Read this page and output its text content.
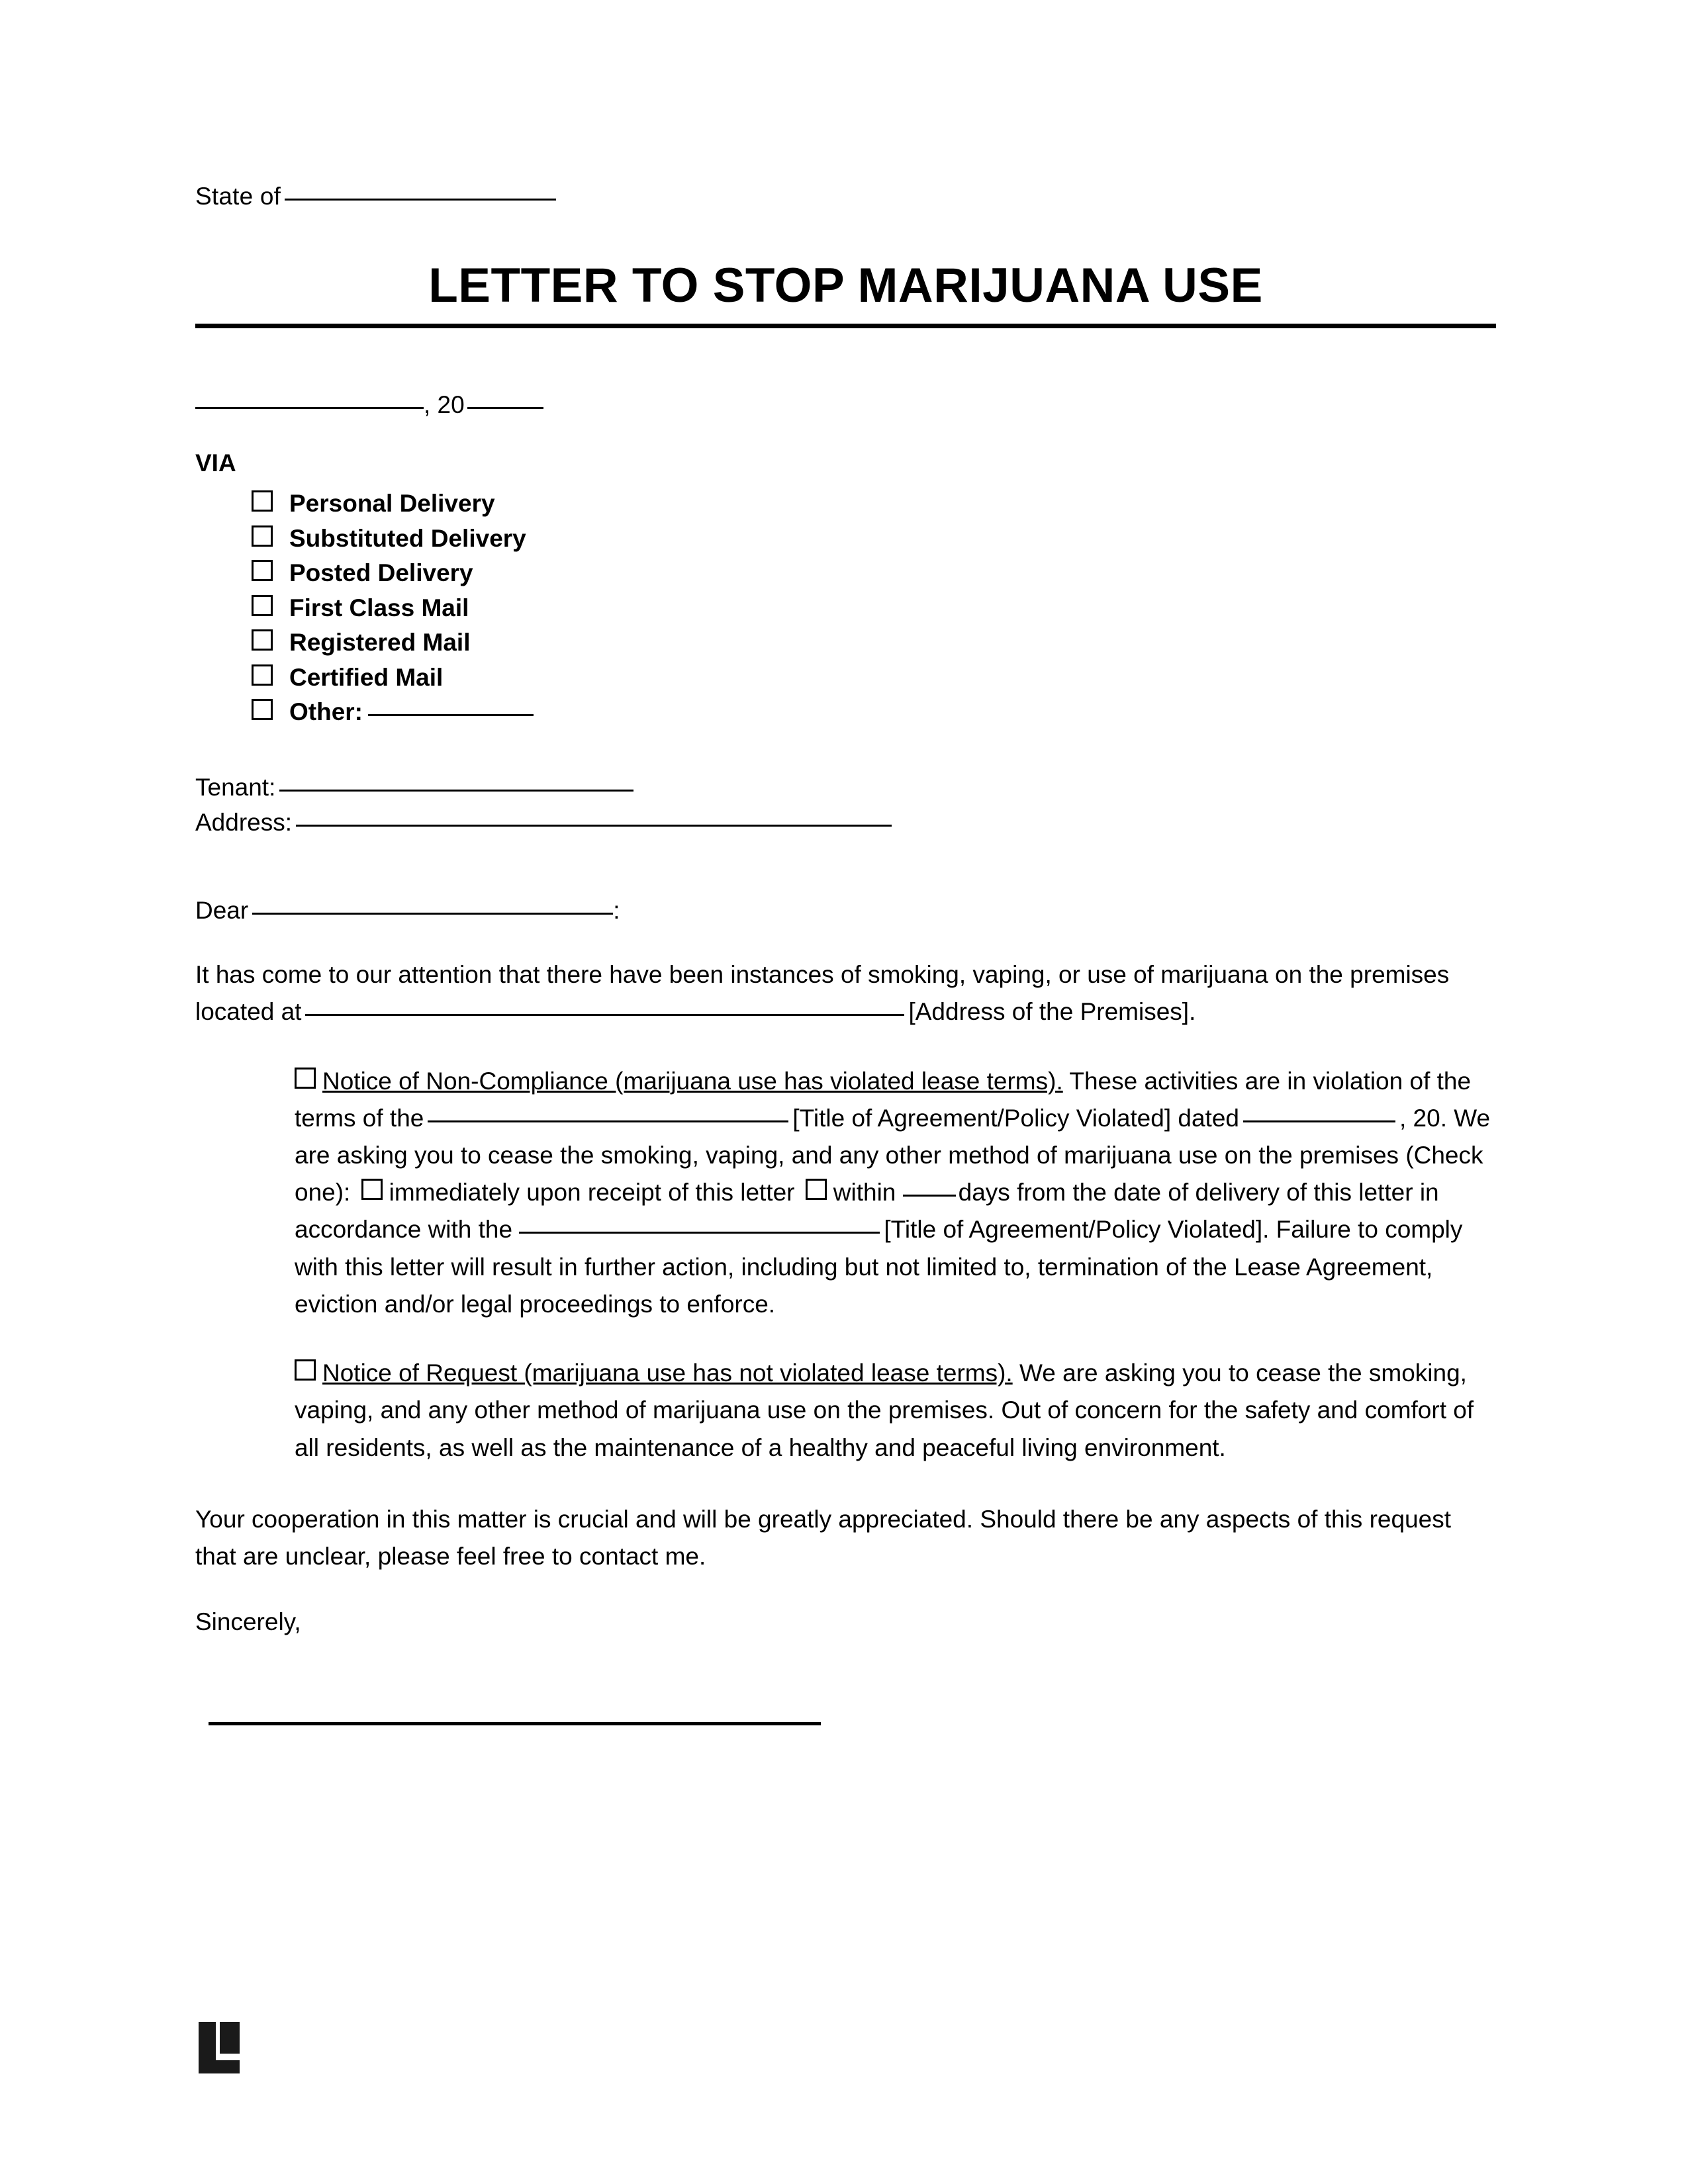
State of
LETTER TO STOP MARIJUANA USE
, 20
VIA
Personal Delivery
Substituted Delivery
Posted Delivery
First Class Mail
Registered Mail
Certified Mail
Other:
Tenant:
Address:
Dear	:
It has come to our attention that there have been instances of smoking, vaping, or use of marijuana on the premises located at	[Address of the Premises].
Notice of Non-Compliance (marijuana use has violated lease terms). These activities are in violation of the terms of the	[Title of Agreement/Policy Violated] dated	, 20. We are asking you to cease the smoking, vaping, and any other method of marijuana use on the premises (Check one): immediately upon receipt of this letter within	days from the date of delivery of this letter in accordance with the	[Title of Agreement/Policy Violated]. Failure to comply with this letter will result in further action, including but not limited to, termination of the Lease Agreement, eviction and/or legal proceedings to enforce.
Notice of Request (marijuana use has not violated lease terms). We are asking you to cease the smoking, vaping, and any other method of marijuana use on the premises. Out of concern for the safety and comfort of all residents, as well as the maintenance of a healthy and peaceful living environment.
Your cooperation in this matter is crucial and will be greatly appreciated. Should there be any aspects of this request that are unclear, please feel free to contact me.
Sincerely,
